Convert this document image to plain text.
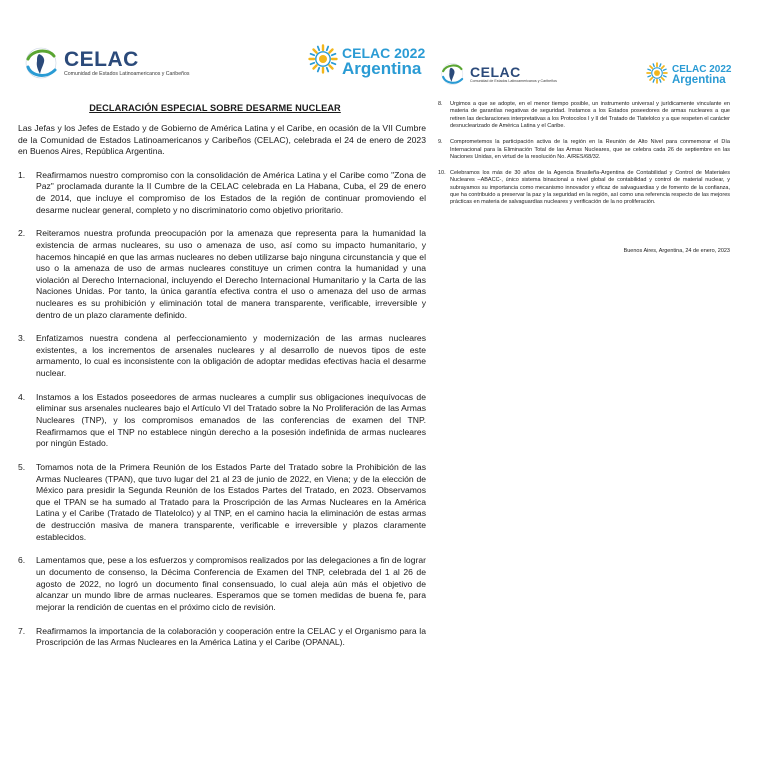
CELAC
Comunidad de Estados Latinoamericanos y Caribeños
CELAC 2022
Argentina
DECLARACIÓN ESPECIAL SOBRE DESARME NUCLEAR

Las Jefas y los Jefes de Estado y de Gobierno de América Latina y el Caribe, en ocasión de la VII Cumbre de la Comunidad de Estados Latinoamericanos y Caribeños (CELAC), celebrada el 24 de enero de 2023 en Buenos Aires, República Argentina.

1.	Reafirmamos nuestro compromiso con la consolidación de América Latina y el Caribe como "Zona de Paz" proclamada durante la II Cumbre de la CELAC celebrada en La Habana, Cuba, el 29 de enero de 2014, que incluye el compromiso de los Estados de la región de continuar promoviendo el desarme nuclear general, completo y no discriminatorio como objetivo prioritario.
2.	Reiteramos nuestra profunda preocupación por la amenaza que representa para la humanidad la existencia de armas nucleares, su uso o amenaza de uso, así como su impacto humanitario, y hacemos hincapié en que las armas nucleares no deben utilizarse bajo ninguna circunstancia y que el uso o la amenaza de uso de armas nucleares constituye un crimen contra la humanidad y una violación al Derecho Internacional, incluyendo el Derecho Internacional Humanitario y la Carta de las Naciones Unidas. Por tanto, la única garantía efectiva contra el uso o amenaza del uso de armas nucleares es su prohibición y eliminación total de manera transparente, verificable, irreversible y dentro de un plazo claramente definido.
3.	Enfatizamos nuestra condena al perfeccionamiento y modernización de las armas nucleares existentes, a los incrementos de arsenales nucleares y al desarrollo de nuevos tipos de este armamento, lo cual es inconsistente con la obligación de adoptar medidas efectivas hacia el desarme nuclear.
4.	Instamos a los Estados poseedores de armas nucleares a cumplir sus obligaciones inequívocas de eliminar sus arsenales nucleares bajo el Artículo VI del Tratado sobre la No Proliferación de las Armas Nucleares (TNP), y los compromisos emanados de las conferencias de examen del TNP. Reafirmamos que el TNP no establece ningún derecho a la posesión indefinida de armas nucleares por ningún Estado.
5.	Tomamos nota de la Primera Reunión de los Estados Parte del Tratado sobre la Prohibición de las Armas Nucleares (TPAN), que tuvo lugar del 21 al 23 de junio de 2022, en Viena; y de la elección de México para presidir la Segunda Reunión de los Estados Partes del Tratado, en 2023. Observamos que el TPAN se ha sumado al Tratado para la Proscripción de las Armas Nucleares en la América Latina y el Caribe (Tratado de Tlatelolco) y al TNP, en el camino hacia la eliminación de estas armas de destrucción masiva de manera transparente, verificable e irreversible y plazos claramente establecidos.
6.	Lamentamos que, pese a los esfuerzos y compromisos realizados por las delegaciones a fin de lograr un documento de consenso, la Décima Conferencia de Examen del TNP, celebrada del 1 al 26 de agosto de 2022, no logró un documento final consensuado, lo cual aleja aún más el objetivo de alcanzar un mundo libre de armas nucleares. Esperamos que se tomen medidas de buena fe, para mejorar la rendición de cuentas en el próximo ciclo de revisión.
7.	Reafirmamos la importancia de la colaboración y cooperación entre la CELAC y el Organismo para la Proscripción de las Armas Nucleares en la América Latina y el Caribe (OPANAL).
CELAC
Comunidad de Estados Latinoamericanos y Caribeños
CELAC 2022
Argentina
8.	Urgimos a que se adopte, en el menor tiempo posible, un instrumento universal y jurídicamente vinculante en materia de garantías negativas de seguridad. Instamos a los Estados poseedores de armas nucleares a que retiren las declaraciones interpretativas a los Protocolos I y II del Tratado de Tlatelolco y a que respeten el carácter desnuclearizado de América Latina y el Caribe.
9.	Comprometemos la participación activa de la región en la Reunión de Alto Nivel para conmemorar el Día Internacional para la Eliminación Total de las Armas Nucleares, que se celebra cada 26 de septiembre en las Naciones Unidas, en virtud de la resolución No. A/RES/68/32.
10. Celebramos los más de 30 años de la Agencia Brasileña-Argentina de Contabilidad y Control de Materiales Nucleares –ABACC-, único sistema binacional a nivel global de contabilidad y control de material nuclear, y subrayamos su importancia como mecanismo innovador y eficaz de salvaguardias y de fomento de la confianza, que ha contribuido a preservar la paz y la seguridad en la región, así como una referencia respecto de las mejores prácticas en materia de salvaguardias nucleares y verificación de la no proliferación.
Buenos Aires, Argentina, 24 de enero, 2023
